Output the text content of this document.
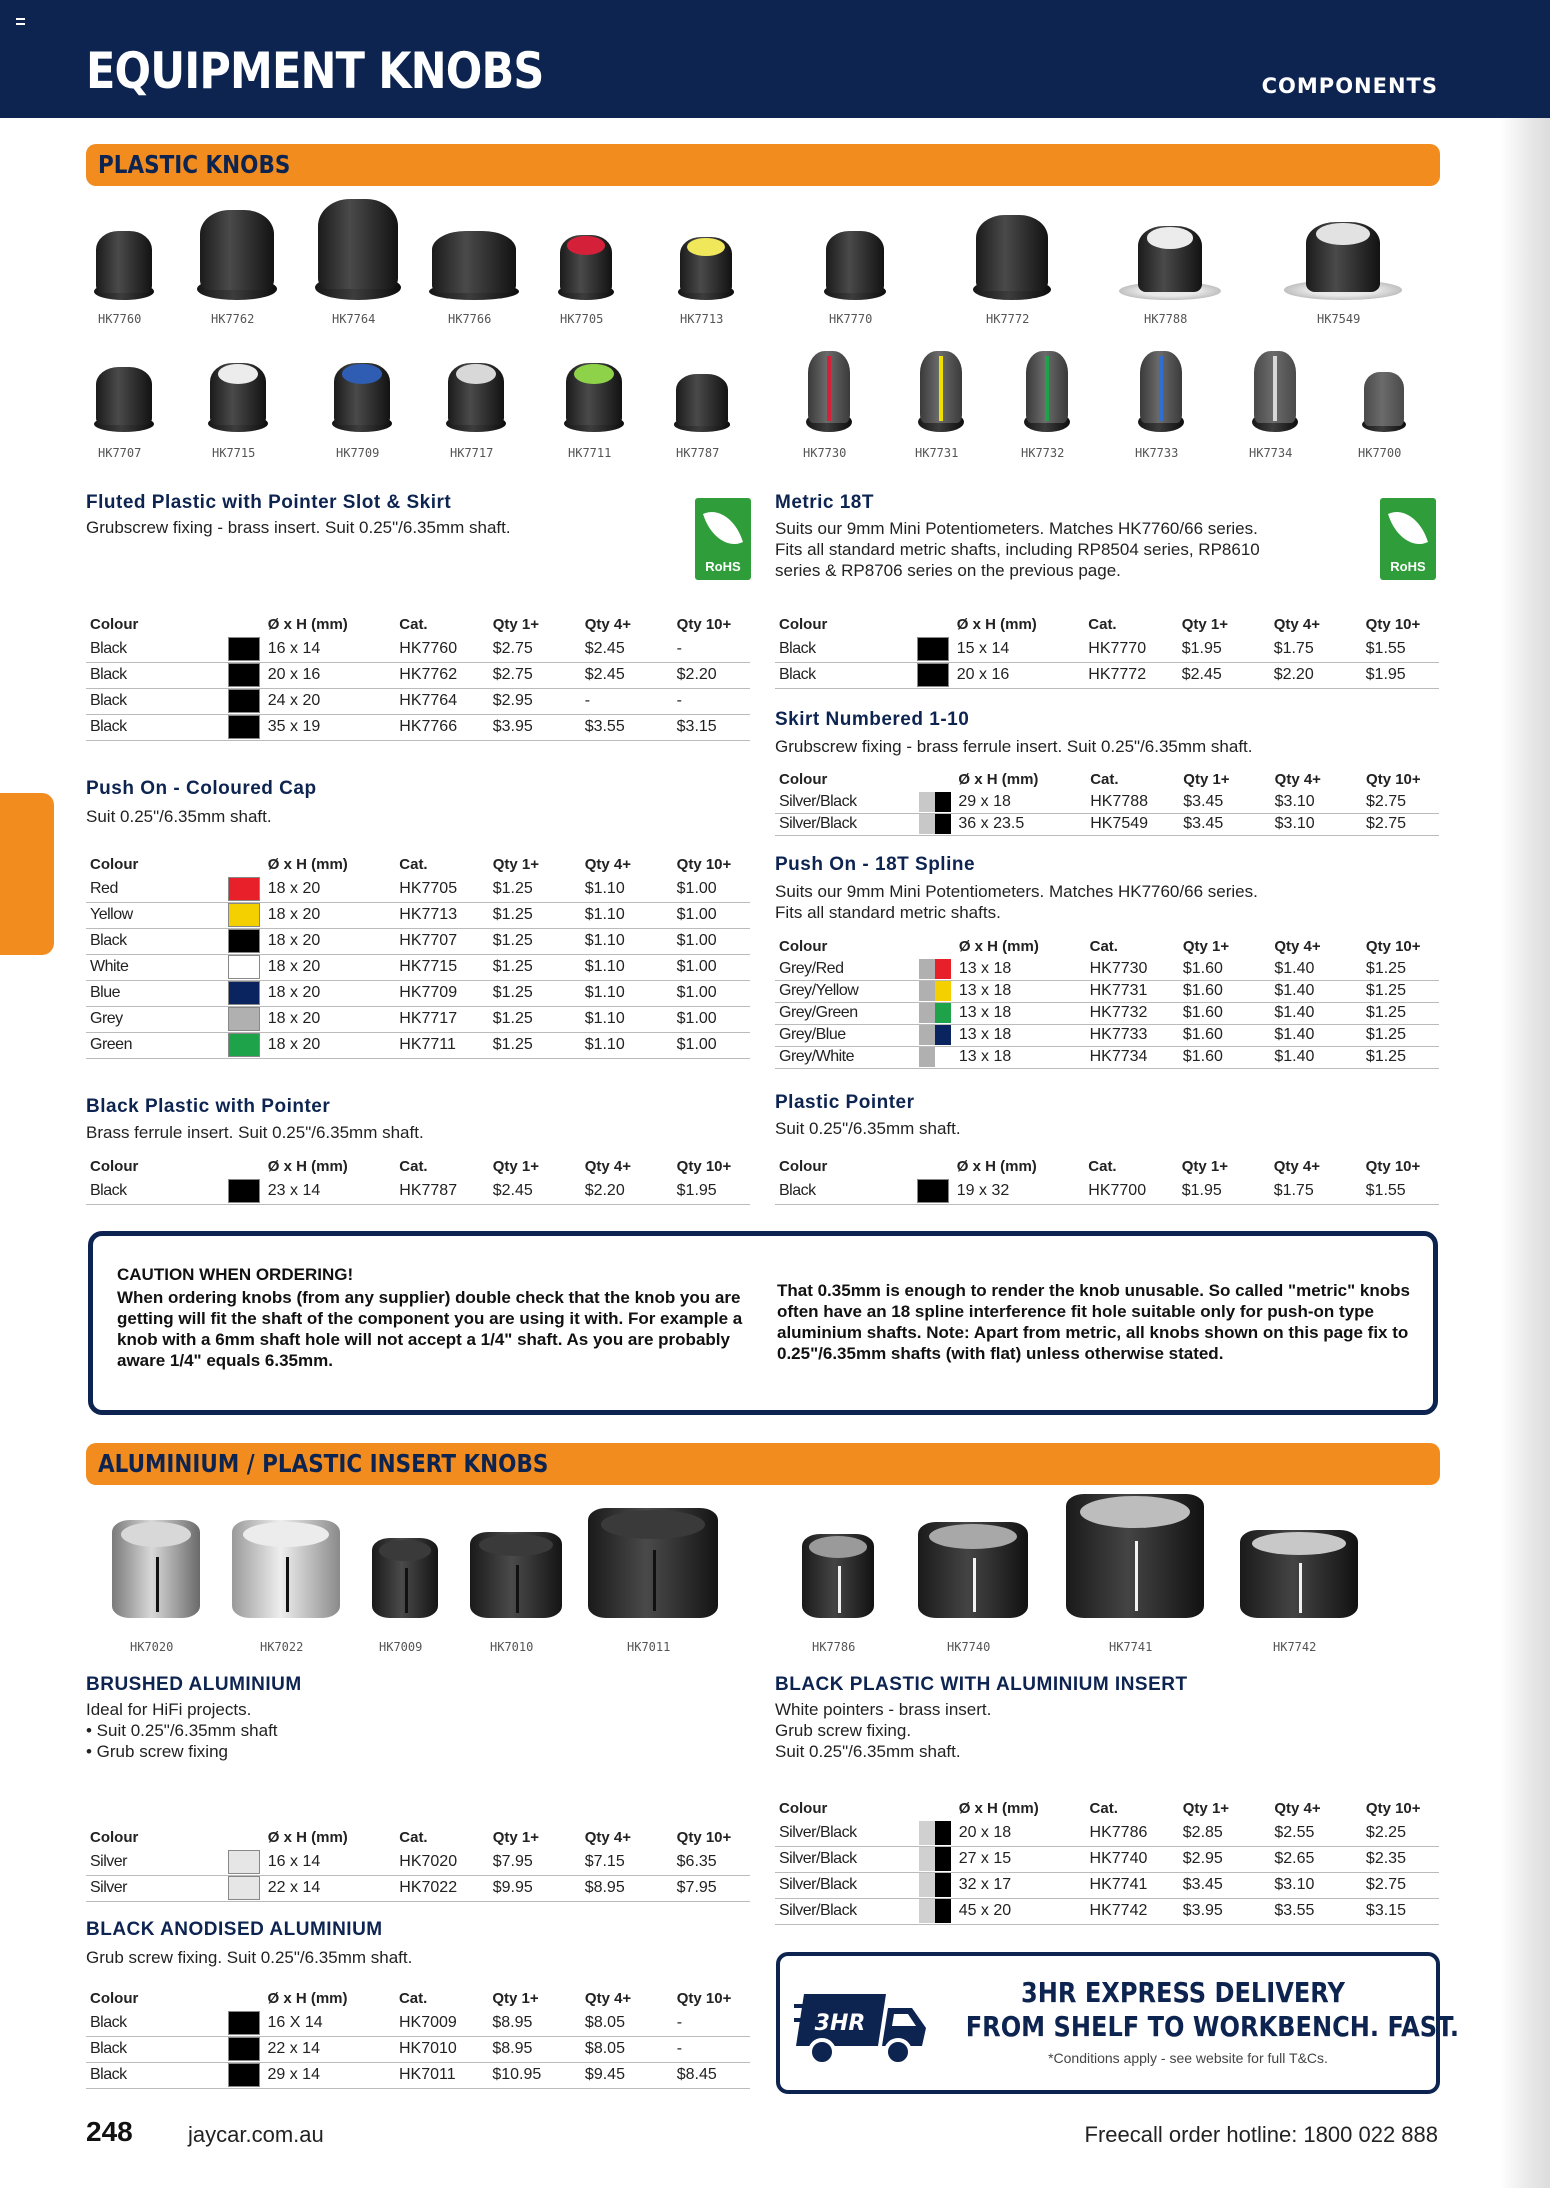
EQUIPMENT KNOBS	COMPONENTS
PLASTIC KNOBS
HK7760	HK7762	HK7764	HK7766	HK7705	HK7713	HK7770	HK7772	HK7788	HK7549
HK7707	HK7715	HK7709	HK7717	HK7711	HK7787	HK7730	HK7731	HK7732	HK7733	HK7734	HK7700
HK7020	HK7022	HK7009	HK7010	HK7011	HK7786	HK7740	HK7741	HK7742
RoHS	RoHS
Fluted Plastic with Pointer Slot & Skirt
Grubscrew fixing - brass insert. Suit 0.25"/6.35mm shaft.
Metric 18T
Suits our 9mm Mini Potentiometers. Matches HK7760/66 series.
Fits all standard metric shafts, including RP8504 series, RP8610
series & RP8706 series on the previous page.
Skirt Numbered 1-10
Grubscrew fixing - brass ferrule insert. Suit 0.25"/6.35mm shaft.
Push On - Coloured Cap
Suit 0.25"/6.35mm shaft.
Push On - 18T Spline
Suits our 9mm Mini Potentiometers. Matches HK7760/66 series.
Fits all standard metric shafts.
Black Plastic with Pointer
Brass ferrule insert. Suit 0.25"/6.35mm shaft.
Plastic Pointer
Suit 0.25"/6.35mm shaft.
BRUSHED ALUMINIUM
Ideal for HiFi projects.
• Suit 0.25"/6.35mm shaft
• Grub screw fixing
BLACK PLASTIC WITH ALUMINIUM INSERT
White pointers - brass insert.
Grub screw fixing.
Suit 0.25"/6.35mm shaft.
BLACK ANODISED ALUMINIUM
Grub screw fixing. Suit 0.25"/6.35mm shaft.
Colour		Ø x H (mm)	Cat.	Qty 1+	Qty 4+	Qty 10+
Black		16 x 14	HK7760	$2.75	$2.45	-
Black		20 x 16	HK7762	$2.75	$2.45	$2.20
Black		24 x 20	HK7764	$2.95	-	-
Black		35 x 19	HK7766	$3.95	$3.55	$3.15
Colour		Ø x H (mm)	Cat.	Qty 1+	Qty 4+	Qty 10+
Black		15 x 14	HK7770	$1.95	$1.75	$1.55
Black		20 x 16	HK7772	$2.45	$2.20	$1.95
Colour		Ø x H (mm)	Cat.	Qty 1+	Qty 4+	Qty 10+
Silver/Black		29 x 18	HK7788	$3.45	$3.10	$2.75
Silver/Black		36 x 23.5	HK7549	$3.45	$3.10	$2.75
Colour		Ø x H (mm)	Cat.	Qty 1+	Qty 4+	Qty 10+
Red		18 x 20	HK7705	$1.25	$1.10	$1.00
Yellow		18 x 20	HK7713	$1.25	$1.10	$1.00
Black		18 x 20	HK7707	$1.25	$1.10	$1.00
White		18 x 20	HK7715	$1.25	$1.10	$1.00
Blue		18 x 20	HK7709	$1.25	$1.10	$1.00
Grey		18 x 20	HK7717	$1.25	$1.10	$1.00
Green		18 x 20	HK7711	$1.25	$1.10	$1.00
Colour		Ø x H (mm)	Cat.	Qty 1+	Qty 4+	Qty 10+
Grey/Red		13 x 18	HK7730	$1.60	$1.40	$1.25
Grey/Yellow		13 x 18	HK7731	$1.60	$1.40	$1.25
Grey/Green		13 x 18	HK7732	$1.60	$1.40	$1.25
Grey/Blue		13 x 18	HK7733	$1.60	$1.40	$1.25
Grey/White		13 x 18	HK7734	$1.60	$1.40	$1.25
Colour		Ø x H (mm)	Cat.	Qty 1+	Qty 4+	Qty 10+
Black		23 x 14	HK7787	$2.45	$2.20	$1.95
Colour		Ø x H (mm)	Cat.	Qty 1+	Qty 4+	Qty 10+
Black		19 x 32	HK7700	$1.95	$1.75	$1.55
Colour		Ø x H (mm)	Cat.	Qty 1+	Qty 4+	Qty 10+
Silver		16 x 14	HK7020	$7.95	$7.15	$6.35
Silver		22 x 14	HK7022	$9.95	$8.95	$7.95
Colour		Ø x H (mm)	Cat.	Qty 1+	Qty 4+	Qty 10+
Silver/Black		20 x 18	HK7786	$2.85	$2.55	$2.25
Silver/Black		27 x 15	HK7740	$2.95	$2.65	$2.35
Silver/Black		32 x 17	HK7741	$3.45	$3.10	$2.75
Silver/Black		45 x 20	HK7742	$3.95	$3.55	$3.15
Colour		Ø x H (mm)	Cat.	Qty 1+	Qty 4+	Qty 10+
Black		16 X 14	HK7009	$8.95	$8.05	-
Black		22 x 14	HK7010	$8.95	$8.05	-
Black		29 x 14	HK7011	$10.95	$9.45	$8.45
CAUTION WHEN ORDERING!
When ordering knobs (from any supplier) double check that the knob you are getting will fit the shaft of the component you are using it with. For example a knob with a 6mm shaft hole will not accept a 1/4" shaft. As you are probably aware 1/4" equals 6.35mm.
That 0.35mm is enough to render the knob unusable. So called "metric" knobs often have an 18 spline interference fit hole suitable only for push-on type aluminium shafts. Note: Apart from metric, all knobs shown on this page fix to 0.25"/6.35mm shafts (with flat) unless otherwise stated.
ALUMINIUM / PLASTIC INSERT KNOBS
3HR
3HR EXPRESS DELIVERY
FROM SHELF TO WORKBENCH. FAST.
*Conditions apply - see website for full T&Cs.
248	jaycar.com.au	Freecall order hotline: 1800 022 888
